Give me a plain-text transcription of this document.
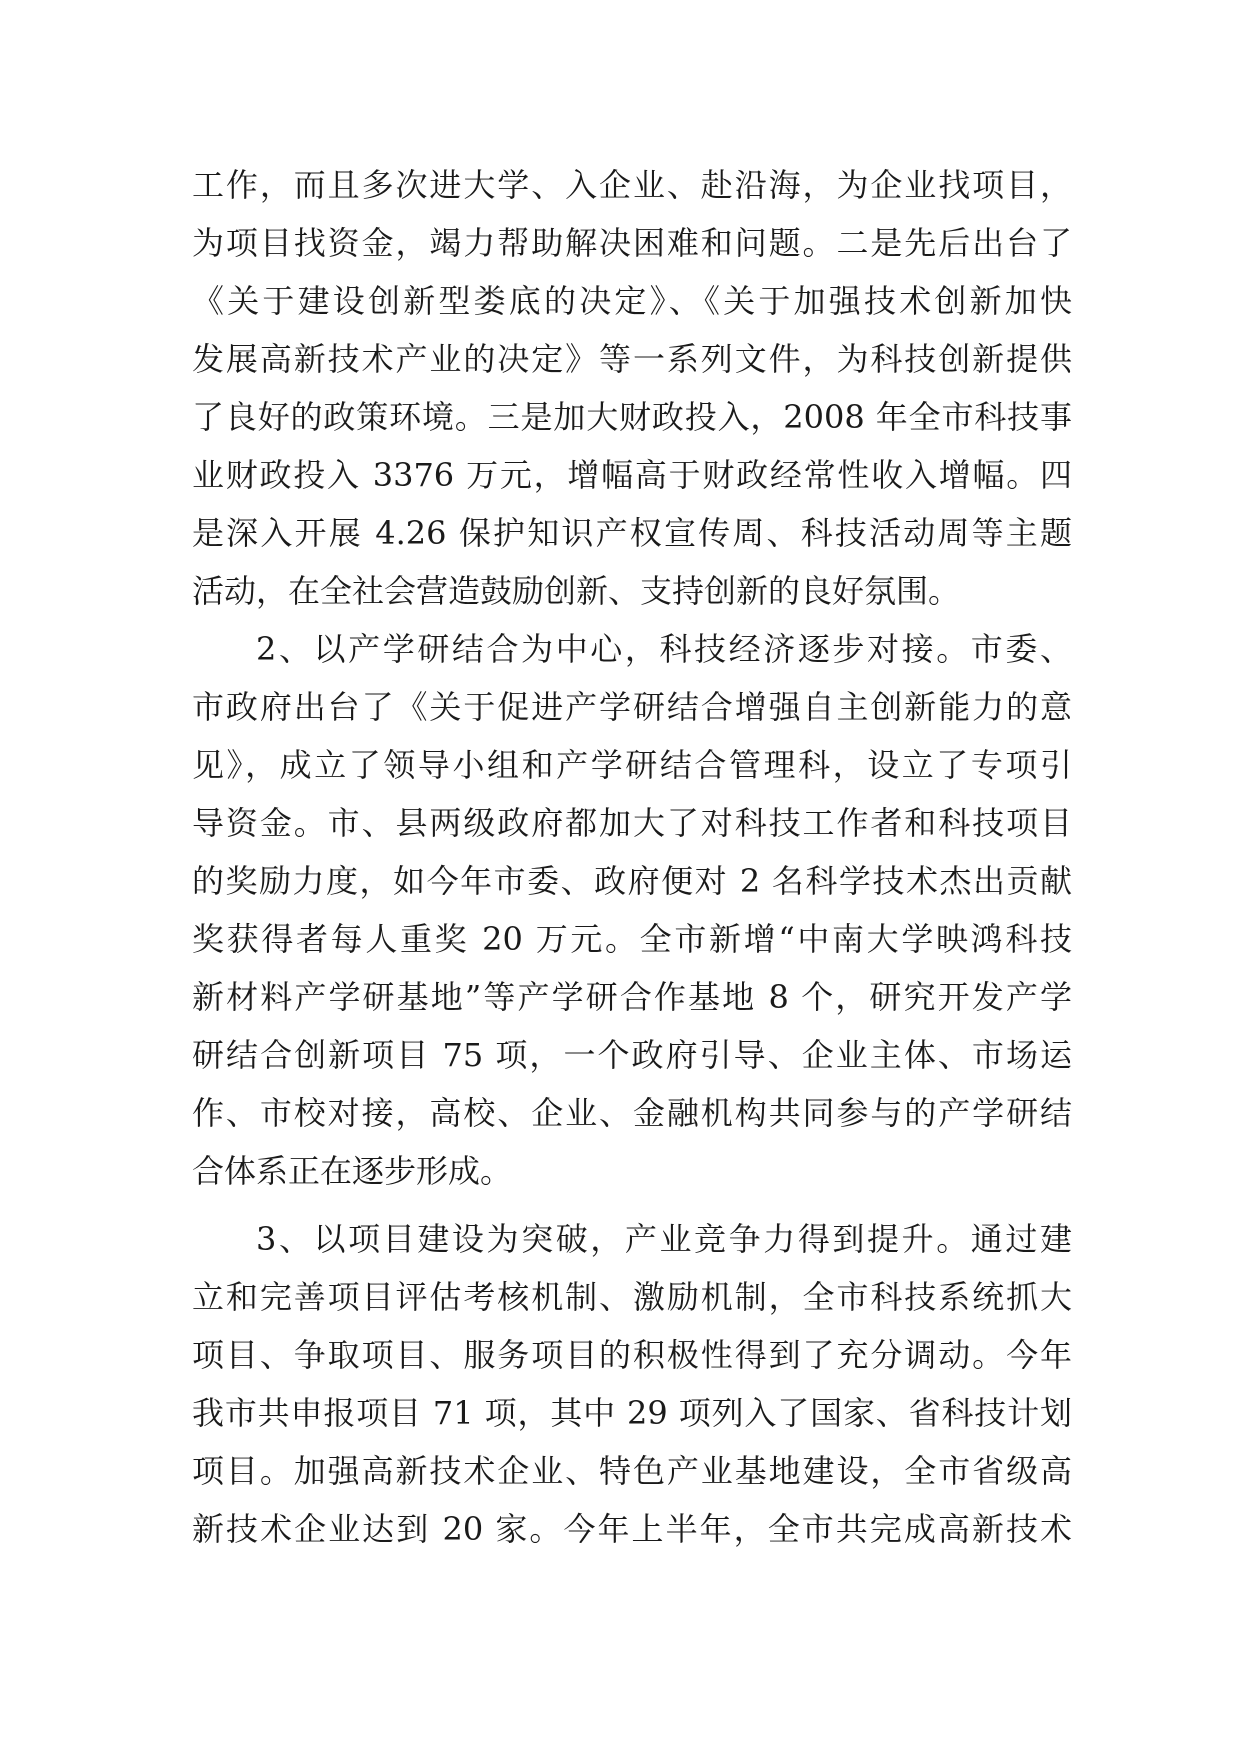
工作，而且多次进大学、入企业、赴沿海，为企业找项目，
为项目找资金，竭力帮助解决困难和问题。二是先后出台了
《关于建设创新型娄底的决定》、《关于加强技术创新加快
发展高新技术产业的决定》等一系列文件，为科技创新提供
了良好的政策环境。三是加大财政投入，2008 年全市科技事
业财政投入 3376 万元，增幅高于财政经常性收入增幅。四
是深入开展 4.26 保护知识产权宣传周、科技活动周等主题
活动，在全社会营造鼓励创新、支持创新的良好氛围。
2、以产学研结合为中心，科技经济逐步对接。市委、
市政府出台了《关于促进产学研结合增强自主创新能力的意
见》，成立了领导小组和产学研结合管理科，设立了专项引
导资金。市、县两级政府都加大了对科技工作者和科技项目
的奖励力度，如今年市委、政府便对 2 名科学技术杰出贡献
奖获得者每人重奖 20 万元。全市新增“中南大学映鸿科技
新材料产学研基地”等产学研合作基地 8 个，研究开发产学
研结合创新项目 75 项，一个政府引导、企业主体、市场运
作、市校对接，高校、企业、金融机构共同参与的产学研结
合体系正在逐步形成。
3、以项目建设为突破，产业竞争力得到提升。通过建
立和完善项目评估考核机制、激励机制，全市科技系统抓大
项目、争取项目、服务项目的积极性得到了充分调动。今年
我市共申报项目 71 项，其中 29 项列入了国家、省科技计划
项目。加强高新技术企业、特色产业基地建设，全市省级高
新技术企业达到 20 家。今年上半年，全市共完成高新技术
